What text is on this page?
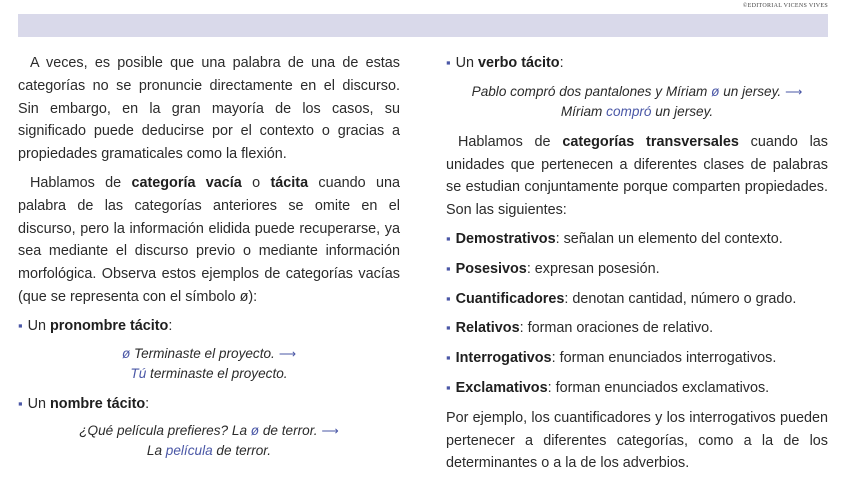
©EDITORIAL VICENS VIVES

A veces, es posible que una palabra de una de estas categorías no se pronuncie directamente en el discurso. Sin embargo, en la gran mayoría de los casos, su significado puede deducirse por el contexto o gracias a propiedades gramaticales como la flexión.

Hablamos de categoría vacía o tácita cuando una palabra de las categorías anteriores se omite en el discurso, pero la información elidida puede recuperarse, ya sea mediante el discurso previo o mediante información morfológica. Observa estos ejemplos de categorías vacías (que se representa con el símbolo ø):

▪ Un pronombre tácito:
ø Terminaste el proyecto. ⟶
Tú terminaste el proyecto.
▪ Un nombre tácito:
¿Qué película prefieres? La ø de terror. ⟶
La película de terror.
▪ Un verbo tácito:
Pablo compró dos pantalones y Míriam ø un jersey. ⟶
Míriam compró un jersey.

Hablamos de categorías transversales cuando las unidades que pertenecen a diferentes clases de palabras se estudian conjuntamente porque comparten propiedades. Son las siguientes:

▪ Demostrativos: señalan un elemento del contexto.
▪ Posesivos: expresan posesión.
▪ Cuantificadores: denotan cantidad, número o grado.
▪ Relativos: forman oraciones de relativo.
▪ Interrogativos: forman enunciados interrogativos.
▪ Exclamativos: forman enunciados exclamativos.

Por ejemplo, los cuantificadores y los interrogativos pueden pertenecer a diferentes categorías, como a la de los determinantes o a la de los adverbios.
